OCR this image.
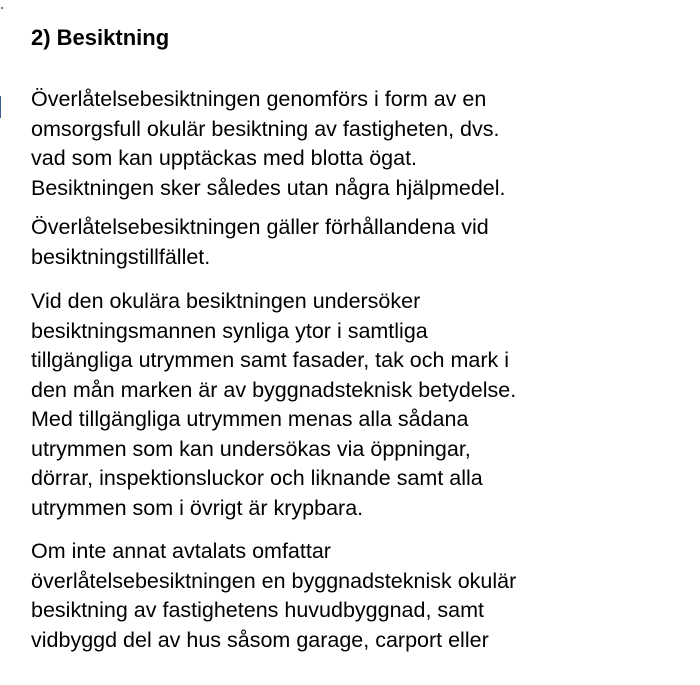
2) Besiktning
Överlåtelsebesiktningen genomförs i form av en
omsorgsfull okulär besiktning av fastigheten, dvs.
vad som kan upptäckas med blotta ögat.
Besiktningen sker således utan några hjälpmedel.
Överlåtelsebesiktningen gäller förhållandena vid
besiktningstillfället.
Vid den okulära besiktningen undersöker
besiktningsmannen synliga ytor i samtliga
tillgängliga utrymmen samt fasader, tak och mark i
den mån marken är av byggnadsteknisk betydelse.
Med tillgängliga utrymmen menas alla sådana
utrymmen som kan undersökas via öppningar,
dörrar, inspektionsluckor och liknande samt alla
utrymmen som i övrigt är krypbara.
Om inte annat avtalats omfattar
överlåtelsebesiktningen en byggnadsteknisk okulär
besiktning av fastighetens huvudbyggnad, samt
vidbyggd del av hus såsom garage, carport eller
